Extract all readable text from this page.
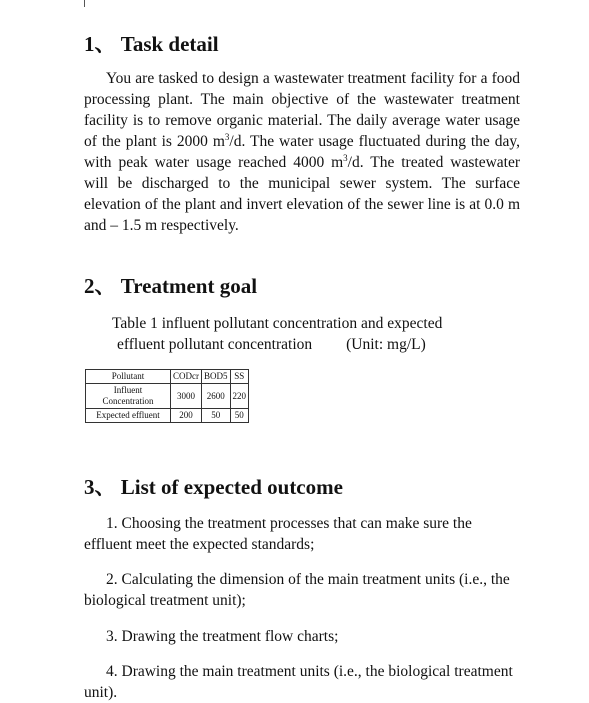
1、 Task detail

You are tasked to design a wastewater treatment facility for a food processing plant. The main objective of the wastewater treatment facility is to remove organic material. The daily average water usage of the plant is 2000 $m^3/d$. The water usage fluctuated during the day, with peak water usage reached 4000 $m^3/d$. The treated wastewater will be discharged to the municipal sewer system. The surface elevation of the plant and invert elevation of the sewer line is at 0.0 m and – 1.5 m respectively.

2、 Treatment goal

Table 1 influent pollutant concentration and expected
effluent pollutant concentration (Unit: mg/L)

Pollutant	CODcr	BOD5	SS
Influent Concentration	3000	2600	220
Expected effluent	200	50	50
3、 List of expected outcome

1. Choosing the treatment processes that can make sure the effluent meet the expected standards;

2. Calculating the dimension of the main treatment units (i.e., the biological treatment unit);

3. Drawing the treatment flow charts;

4. Drawing the main treatment units (i.e., the biological treatment unit).
